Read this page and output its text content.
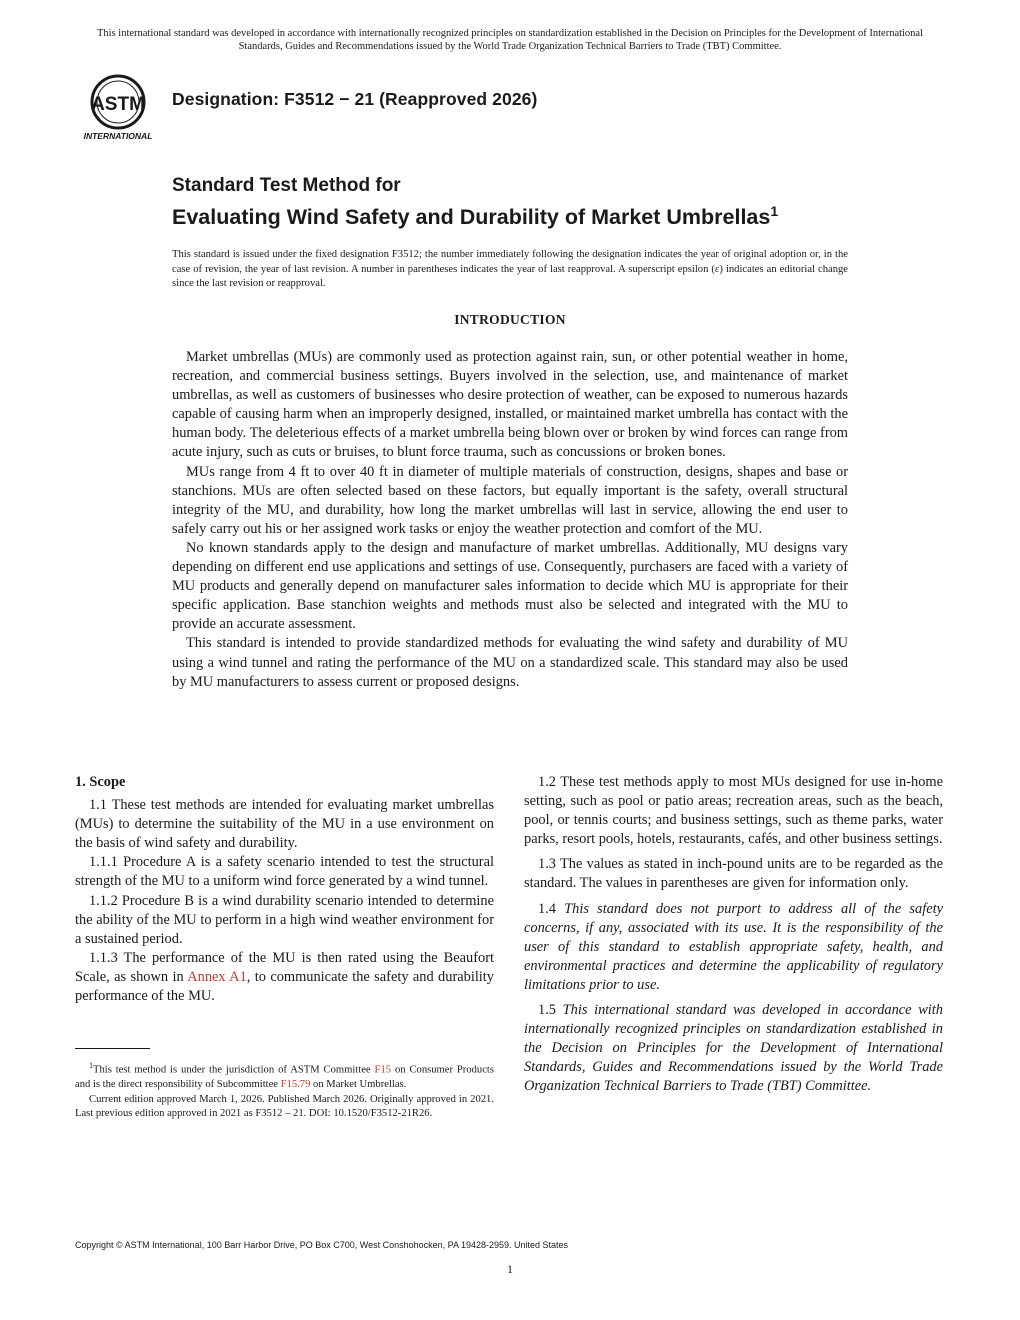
This international standard was developed in accordance with internationally recognized principles on standardization established in the Decision on Principles for the Development of International Standards, Guides and Recommendations issued by the World Trade Organization Technical Barriers to Trade (TBT) Committee.
ASTM
INTERNATIONAL
Designation: F3512 − 21 (Reapproved 2026)
Standard Test Method for
Evaluating Wind Safety and Durability of Market Umbrellas$^1$
This standard is issued under the fixed designation F3512; the number immediately following the designation indicates the year of original adoption or, in the case of revision, the year of last revision. A number in parentheses indicates the year of last reapproval. A superscript epsilon (ε) indicates an editorial change since the last revision or reapproval.
INTRODUCTION

Market umbrellas (MUs) are commonly used as protection against rain, sun, or other potential weather in home, recreation, and commercial business settings. Buyers involved in the selection, use, and maintenance of market umbrellas, as well as customers of businesses who desire protection of weather, can be exposed to numerous hazards capable of causing harm when an improperly designed, installed, or maintained market umbrella has contact with the human body. The deleterious effects of a market umbrella being blown over or broken by wind forces can range from acute injury, such as cuts or bruises, to blunt force trauma, such as concussions or broken bones.

MUs range from 4 ft to over 40 ft in diameter of multiple materials of construction, designs, shapes and base or stanchions. MUs are often selected based on these factors, but equally important is the safety, overall structural integrity of the MU, and durability, how long the market umbrellas will last in service, allowing the end user to safely carry out his or her assigned work tasks or enjoy the weather protection and comfort of the MU.

No known standards apply to the design and manufacture of market umbrellas. Additionally, MU designs vary depending on different end use applications and settings of use. Consequently, purchasers are faced with a variety of MU products and generally depend on manufacturer sales information to decide which MU is appropriate for their specific application. Base stanchion weights and methods must also be selected and integrated with the MU to provide an accurate assessment.

This standard is intended to provide standardized methods for evaluating the wind safety and durability of MU using a wind tunnel and rating the performance of the MU on a standardized scale. This standard may also be used by MU manufacturers to assess current or proposed designs.

1. Scope

1.1 These test methods are intended for evaluating market umbrellas (MUs) to determine the suitability of the MU in a use environment on the basis of wind safety and durability.

1.1.1 Procedure A is a safety scenario intended to test the structural strength of the MU to a uniform wind force generated by a wind tunnel.

1.1.2 Procedure B is a wind durability scenario intended to determine the ability of the MU to perform in a high wind weather environment for a sustained period.

1.1.3 The performance of the MU is then rated using the Beaufort Scale, as shown in Annex A1, to communicate the safety and durability performance of the MU.

1.2 These test methods apply to most MUs designed for use in-home setting, such as pool or patio areas; recreation areas, such as the beach, pool, or tennis courts; and business settings, such as theme parks, water parks, resort pools, hotels, restaurants, cafés, and other business settings.

1.3 The values as stated in inch-pound units are to be regarded as the standard. The values in parentheses are given for information only.

1.4 This standard does not purport to address all of the safety concerns, if any, associated with its use. It is the responsibility of the user of this standard to establish appropriate safety, health, and environmental practices and determine the applicability of regulatory limitations prior to use.

1.5 This international standard was developed in accordance with internationally recognized principles on standardization established in the Decision on Principles for the Development of International Standards, Guides and Recommendations issued by the World Trade Organization Technical Barriers to Trade (TBT) Committee.

$^1$This test method is under the jurisdiction of ASTM Committee F15 on Consumer Products and is the direct responsibility of Subcommittee F15.79 on Market Umbrellas.

Current edition approved March 1, 2026. Published March 2026. Originally approved in 2021. Last previous edition approved in 2021 as F3512 – 21. DOI: 10.1520/F3512-21R26.

Copyright © ASTM International, 100 Barr Harbor Drive, PO Box C700, West Conshohocken, PA 19428-2959. United States
1
